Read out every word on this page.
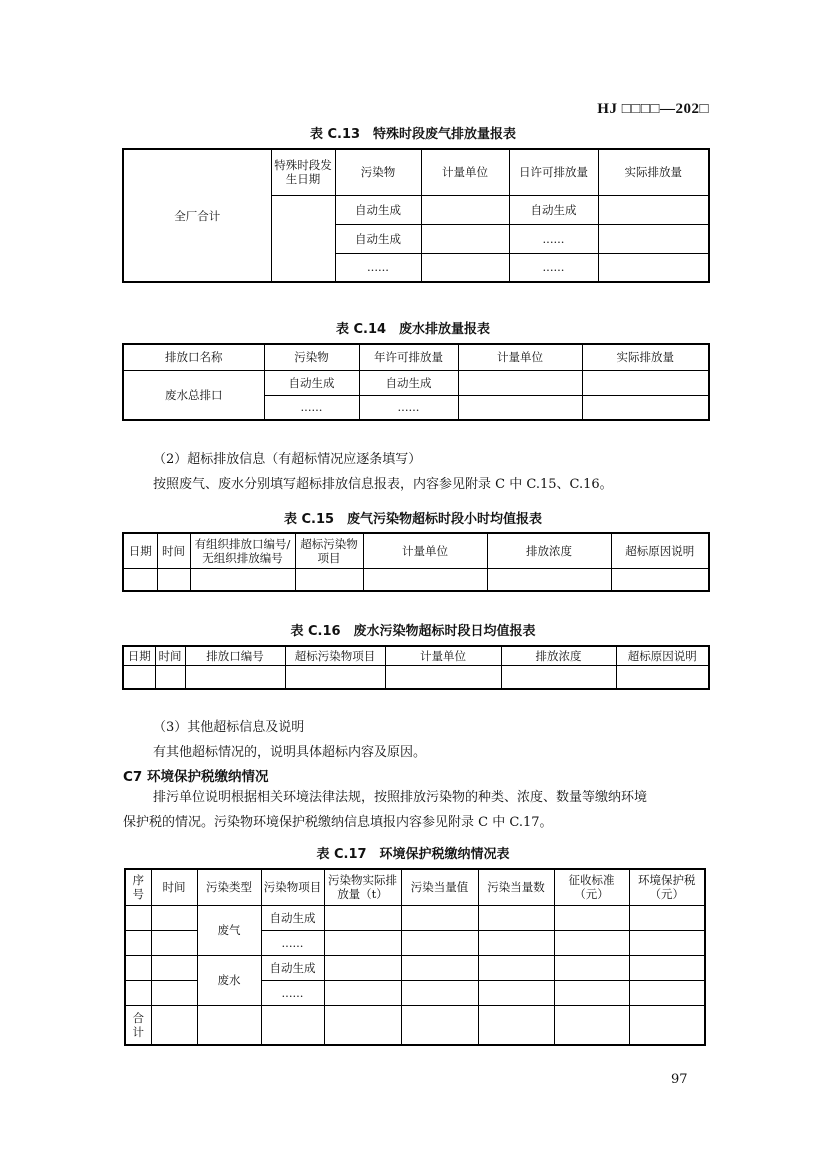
HJ □□□□—202□
表 C.13　特殊时段废气排放量报表
全厂合计	特殊时段发生日期	污染物	计量单位	日许可排放量	实际排放量
		自动生成		自动生成	
		自动生成		......	
		......		......	
表 C.14　废水排放量报表
排放口名称	污染物	年许可排放量	计量单位	实际排放量
废水总排口	自动生成	自动生成		
	......	......		
（2）超标排放信息（有超标情况应逐条填写）
按照废气、废水分别填写超标排放信息报表，内容参见附录 C 中 C.15、C.16。
表 C.15　废气污染物超标时段小时均值报表
日期	时间	有组织排放口编号/无组织排放编号	超标污染物项目	计量单位	排放浓度	超标原因说明

表 C.16　废水污染物超标时段日均值报表
日期	时间	排放口编号	超标污染物项目	计量单位	排放浓度	超标原因说明

（3）其他超标信息及说明
有其他超标情况的，说明具体超标内容及原因。
C7 环境保护税缴纳情况
排污单位说明根据相关环境法律法规，按照排放污染物的种类、浓度、数量等缴纳环境
保护税的情况。污染物环境保护税缴纳信息填报内容参见附录 C 中 C.17。
表 C.17　环境保护税缴纳情况表
序号	时间	污染类型	污染物项目	污染物实际排放量（t）	污染当量值	污染当量数	征收标准（元）	环境保护税（元）
		废气	自动生成					
			......					
		废水	自动生成					
			......					
合计								
97
